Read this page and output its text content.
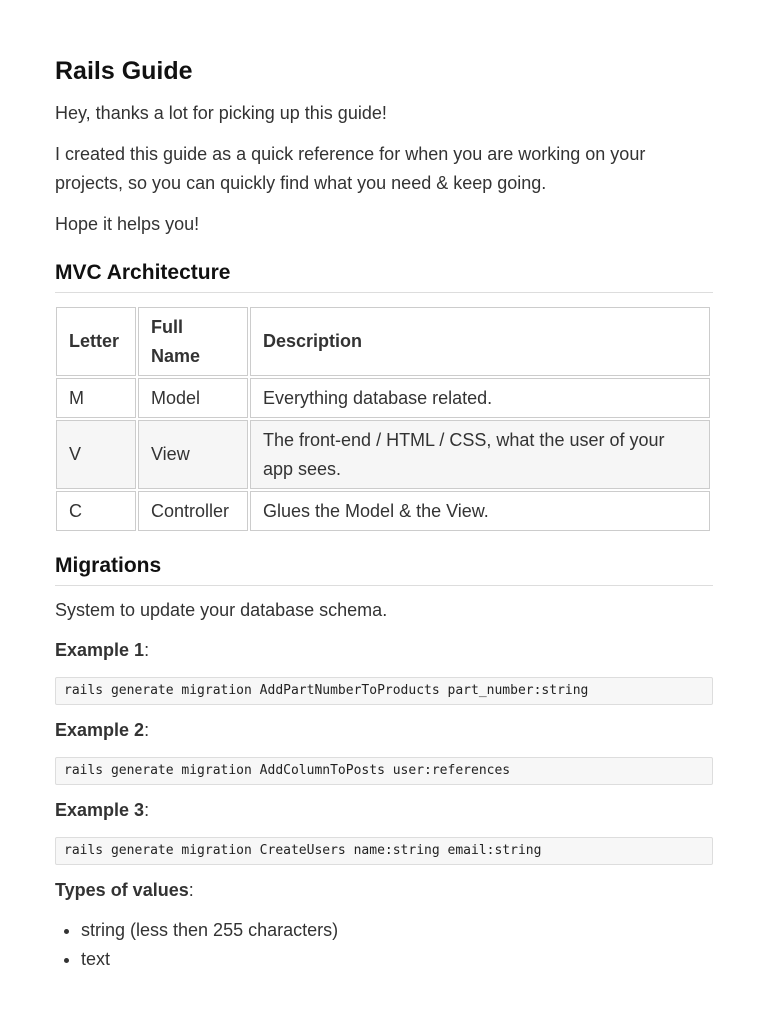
Rails Guide

Hey, thanks a lot for picking up this guide!

I created this guide as a quick reference for when you are working on your projects, so you can quickly find what you need & keep going.

Hope it helps you!

MVC Architecture
Letter	Full Name	Description
M	Model	Everything database related.
V	View	The front-end / HTML / CSS, what the user of your app sees.
C	Controller	Glues the Model & the View.
Migrations

System to update your database schema.

Example 1:

rails generate migration AddPartNumberToProducts part_number:string

Example 2:

rails generate migration AddColumnToPosts user:references

Example 3:

rails generate migration CreateUsers name:string email:string

Types of values:

• string (less then 255 characters)
• text
